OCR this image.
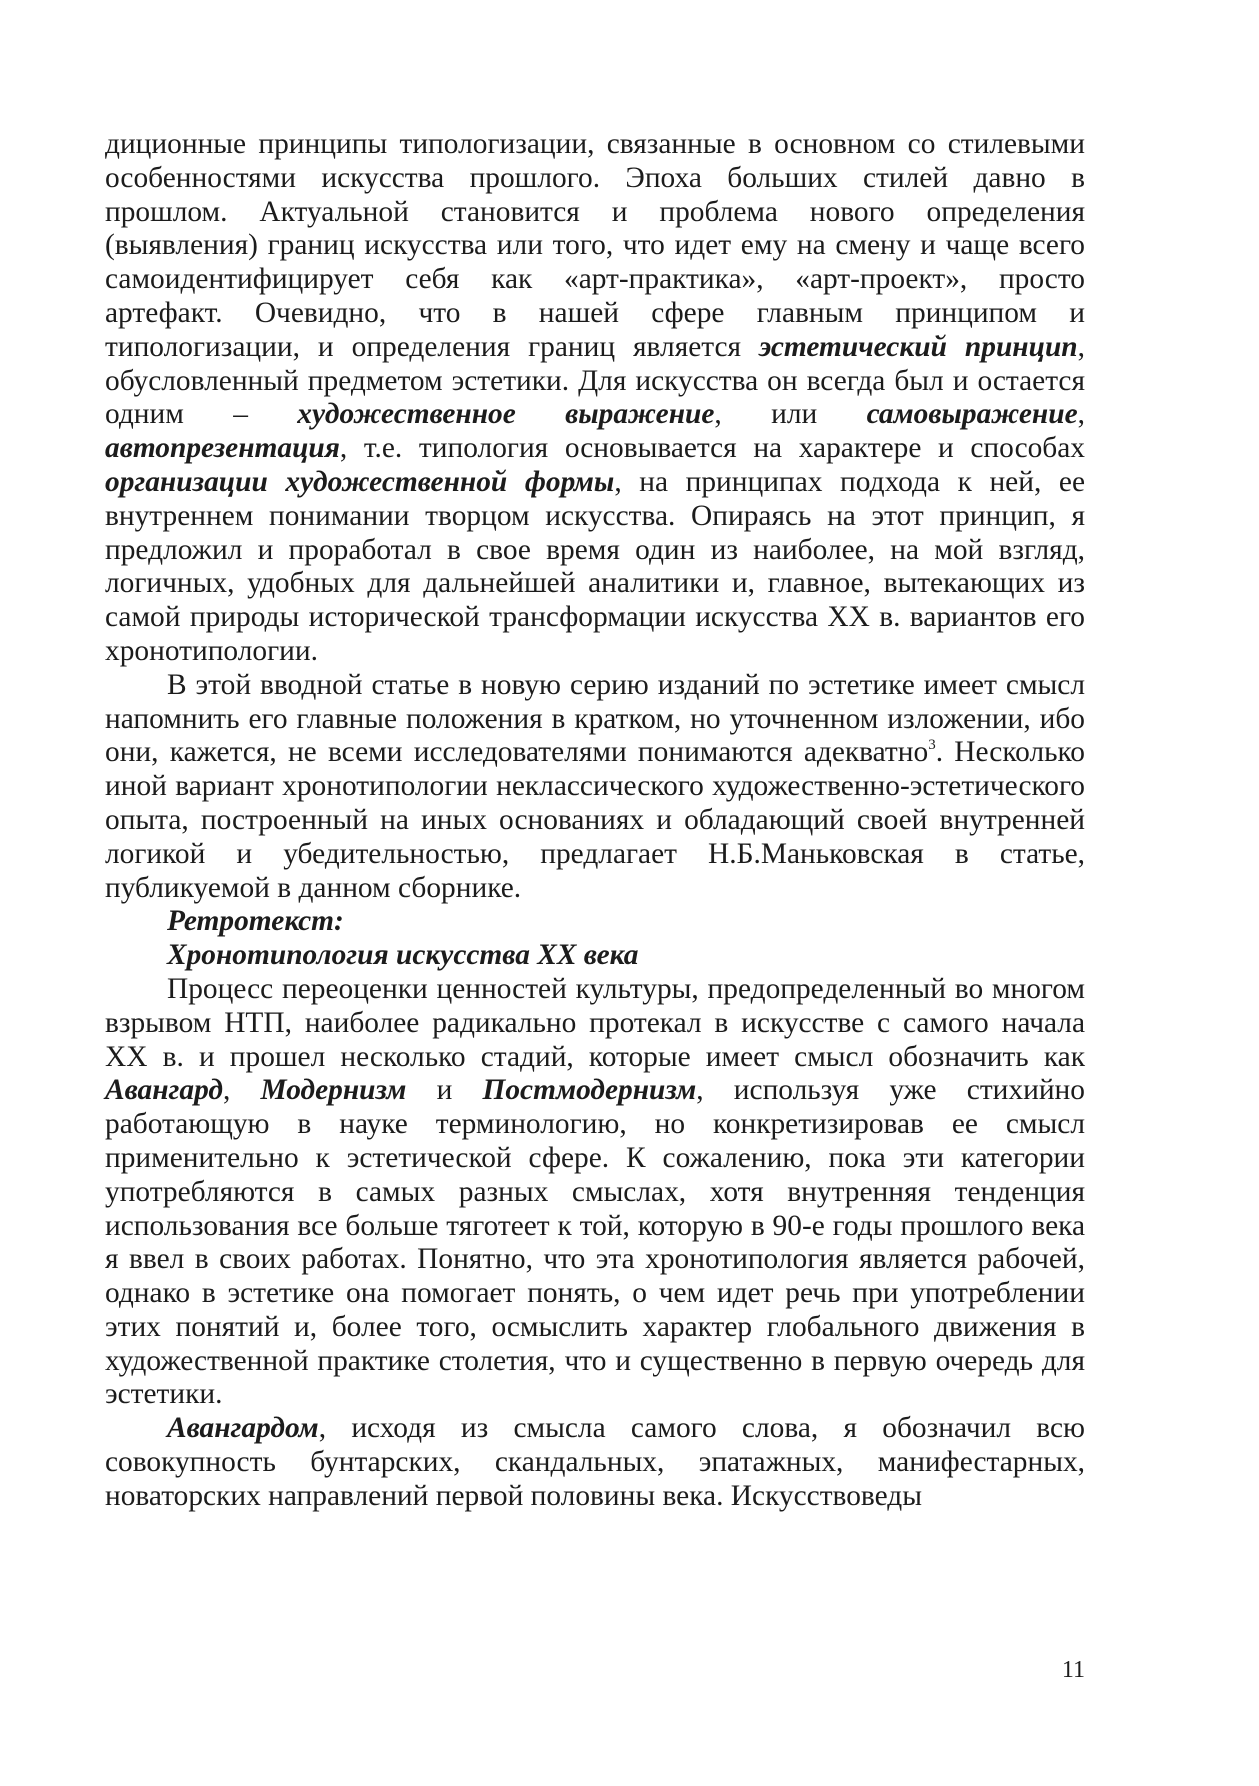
диционные принципы типологизации, связанные в основном со стилевыми особенностями искусства прошлого. Эпоха больших стилей давно в прошлом. Актуальной становится и проблема нового определения (выявления) границ искусства или того, что идет ему на смену и чаще всего самоидентифицирует себя как «арт-практика», «арт-проект», просто артефакт. Очевидно, что в нашей сфере главным принципом и типологизации, и определения границ является эстетический принцип, обусловленный предметом эстетики. Для искусства он всегда был и остается одним – художественное выражение, или самовыражение, автопрезентация, т.е. типология основывается на характере и способах организации художественной формы, на принципах подхода к ней, ее внутреннем понимании творцом искусства. Опираясь на этот принцип, я предложил и проработал в свое время один из наиболее, на мой взгляд, логичных, удобных для дальнейшей аналитики и, главное, вытекающих из самой природы исторической трансформации искусства XX в. вариантов его хронотипологии.

В этой вводной статье в новую серию изданий по эстетике имеет смысл напомнить его главные положения в кратком, но уточненном изложении, ибо они, кажется, не всеми исследователями понимаются адекватно$^3$. Несколько иной вариант хронотипологии неклассического художественно-эстетического опыта, построенный на иных основаниях и обладающий своей внутренней логикой и убедительностью, предлагает Н.Б.Маньковская в статье, публикуемой в данном сборнике.

Ретротекст:

Хронотипология искусства XX века

Процесс переоценки ценностей культуры, предопределенный во многом взрывом НТП, наиболее радикально протекал в искусстве с самого начала XX в. и прошел несколько стадий, которые имеет смысл обозначить как Авангард, Модернизм и Постмодернизм, используя уже стихийно работающую в науке терминологию, но конкретизировав ее смысл применительно к эстетической сфере. К сожалению, пока эти категории употребляются в самых разных смыслах, хотя внутренняя тенденция использования все больше тяготеет к той, которую в 90-е годы прошлого века я ввел в своих работах. Понятно, что эта хронотипология является рабочей, однако в эстетике она помогает понять, о чем идет речь при употреблении этих понятий и, более того, осмыслить характер глобального движения в художественной практике столетия, что и существенно в первую очередь для эстетики.

Авангардом, исходя из смысла самого слова, я обозначил всю совокупность бунтарских, скандальных, эпатажных, манифестарных, новаторских направлений первой половины века. Искусствоведы

11
